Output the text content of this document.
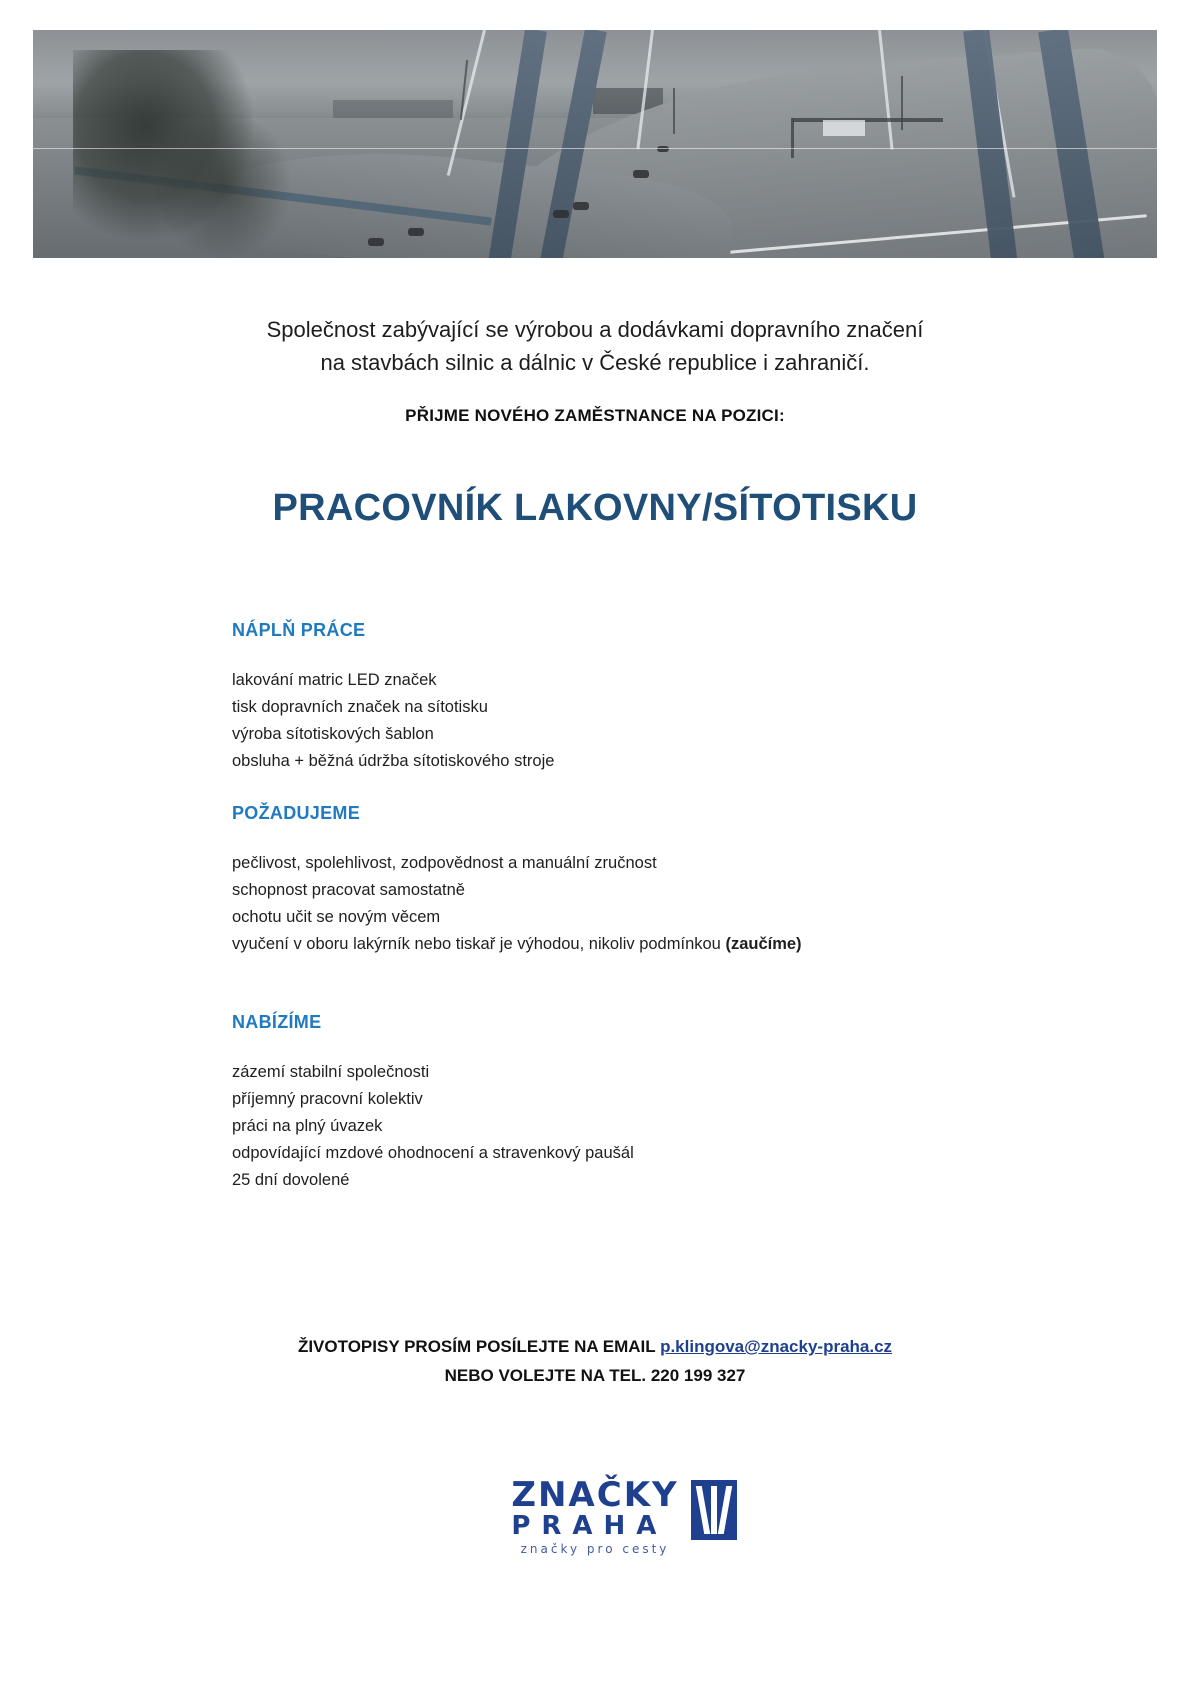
Společnost zabývající se výrobou a dodávkami dopravního značení
na stavbách silnic a dálnic v České republice i zahraničí.
PŘIJME NOVÉHO ZAMĚSTNANCE NA POZICI:
PRACOVNÍK LAKOVNY/SÍTOTISKU
NÁPLŇ PRÁCE
lakování matric LED značek
tisk dopravních značek na sítotisku
výroba sítotiskových šablon
obsluha + běžná údržba sítotiskového stroje
POŽADUJEME
pečlivost, spolehlivost, zodpovědnost a manuální zručnost
schopnost pracovat samostatně
ochotu učit se novým věcem
vyučení v oboru lakýrník nebo tiskař je výhodou, nikoliv podmínkou (zaučíme)
NABÍZÍME
zázemí stabilní společnosti
příjemný pracovní kolektiv
práci na plný úvazek
odpovídající mzdové ohodnocení a stravenkový paušál
25 dní dovolené
ŽIVOTOPISY PROSÍM POSÍLEJTE NA EMAIL p.klingova@znacky-praha.cz
NEBO VOLEJTE NA TEL. 220 199 327
ZNAČKY
PRAHA
značky pro cesty
